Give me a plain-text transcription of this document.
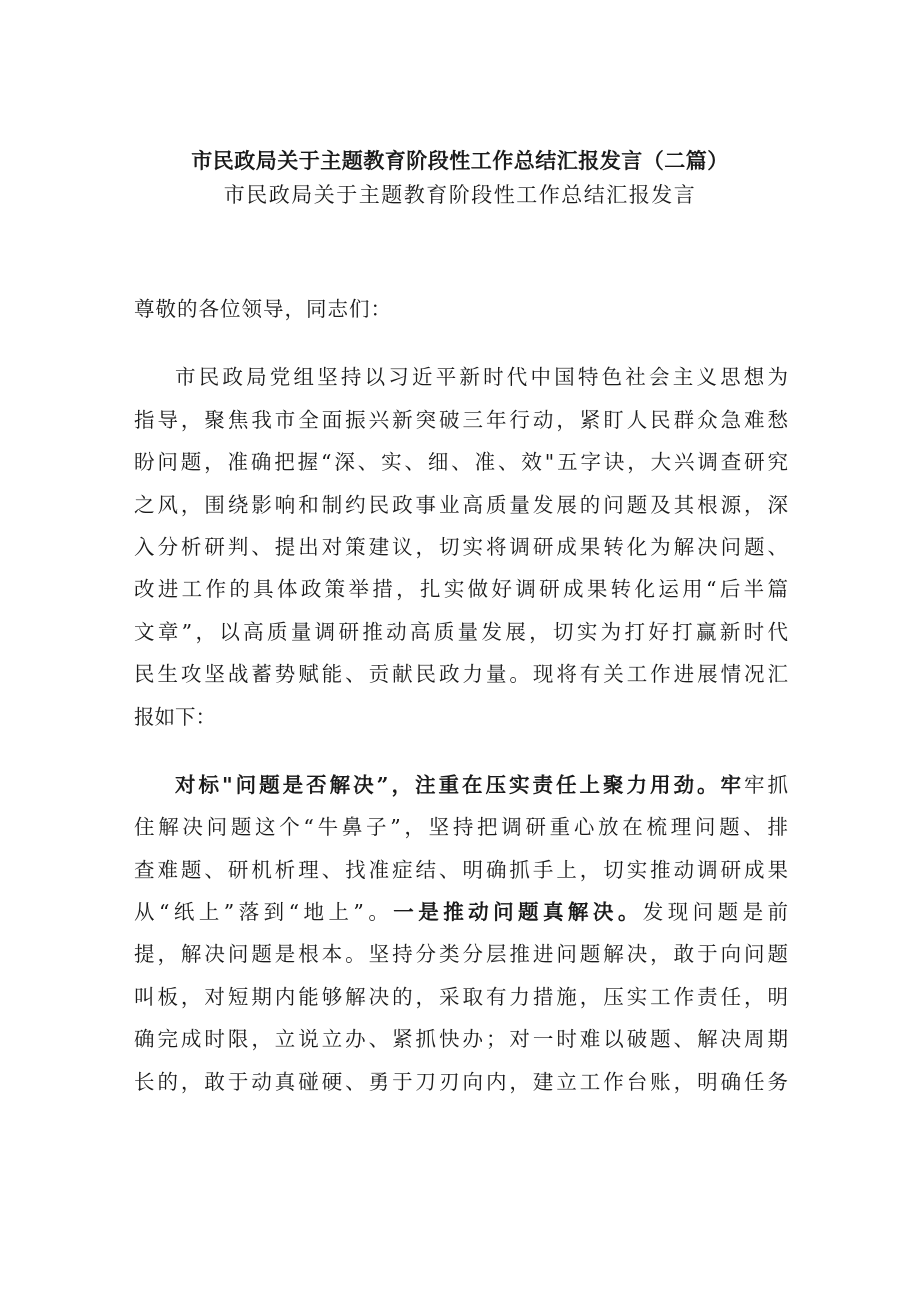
市民政局关于主题教育阶段性工作总结汇报发言（二篇）
市民政局关于主题教育阶段性工作总结汇报发言
尊敬的各位领导，同志们：
市民政局党组坚持以习近平新时代中国特色社会主义思想为
指导，聚焦我市全面振兴新突破三年行动，紧盯人民群众急难愁
盼问题，准确把握“深、实、细、准、效"五字诀，大兴调查研究
之风，围绕影响和制约民政事业高质量发展的问题及其根源，深
入分析研判、提出对策建议，切实将调研成果转化为解决问题、
改进工作的具体政策举措，扎实做好调研成果转化运用“后半篇
文章”，以高质量调研推动高质量发展，切实为打好打赢新时代
民生攻坚战蓄势赋能、贡献民政力量。现将有关工作进展情况汇
报如下：
对标"问题是否解决”，注重在压实责任上聚力用劲。牢牢抓
住解决问题这个“牛鼻子”，坚持把调研重心放在梳理问题、排
查难题、研机析理、找准症结、明确抓手上，切实推动调研成果
从“纸上”落到“地上”。一是推动问题真解决。发现问题是前
提，解决问题是根本。坚持分类分层推进问题解决，敢于向问题
叫板，对短期内能够解决的，采取有力措施，压实工作责任，明
确完成时限，立说立办、紧抓快办；对一时难以破题、解决周期
长的，敢于动真碰硬、勇于刀刃向内，建立工作台账，明确任务
